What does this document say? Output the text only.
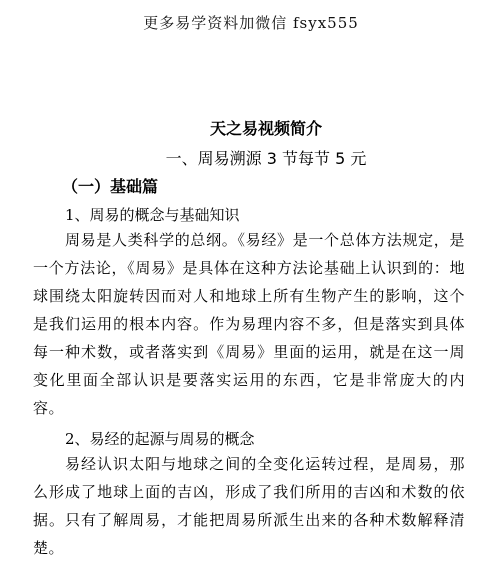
更多易学资料加微信 fsyx555
天之易视频简介
一、周易溯源 3 节每节 5 元
（一）基础篇
1、周易的概念与基础知识
周易是人类科学的总纲。《易经》是一个总体方法规定，是一个方法论，《周易》是具体在这种方法论基础上认识到的：地球围绕太阳旋转因而对人和地球上所有生物产生的影响，这个是我们运用的根本内容。作为易理内容不多，但是落实到具体每一种术数，或者落实到《周易》里面的运用，就是在这一周变化里面全部认识是要落实运用的东西，它是非常庞大的内容。
2、易经的起源与周易的概念
易经认识太阳与地球之间的全变化运转过程，是周易，那么形成了地球上面的吉凶，形成了我们所用的吉凶和术数的依据。只有了解周易，才能把周易所派生出来的各种术数解释清楚。
